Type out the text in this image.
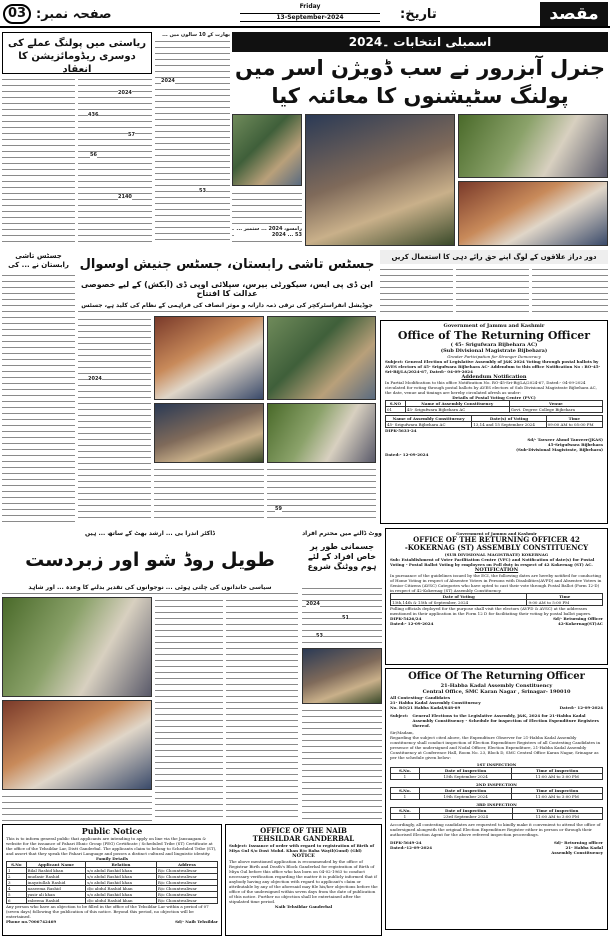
03 صفحہ نمبر:
Friday
13-September-2024	تاریخ:	مقصد
ریاستی میں پولنگ عملے کی
دوسری ریڈومائزیشن کا انعقاد
2024
436
57
56
2140
بھارت کے 10 سالوں میں ...
2024
53
اسمبلی انتخابات ۔2024
جنرل آبزرور نے سب ڈویژن اسر میں پولنگ سٹیشنوں کا معائنہ کیا
رامسو، 2024 ... ستمبر ... 53 ... 2024
جسٹس تاشی رابستان نے ... کی	جسٹس تاشی رابستان، جسٹس جنیش اوسوال
این ڈی پی ایس، سیکورٹی بیرس، سپلائی اوپی ڈی (آبکش) کے لیے خصوصی عدالت کا افتتاح
جوڈیشل انفراسٹرکچر کی ترقی ذمہ دارانہ و موثر انصاف کی فراہمی کے نظام کی کلید ہے، جسٹس
2024
59
دور دراز علاقوں کے لوگ اپنے حق رائے دہی کا استعمال کریں
Government of Jammu and Kashmir
Office of The Returning Officer
( 45- Srigufwara Bijbehara AC)
(Sub Divisional Magistrate Bijbehara)
Greater Participation for Stronger Democracy
Subject: General Election of Legislative Assembly of J&K 2024 Voting through postal ballots by AVES electors of 45- Srigufwara Bijbehara AC- Addendum to this office Notification No : RO-45-Sri-Bij/LA/2024-67, Dated:- 04-09-2024
Addendum Notification
In Partial Modification to this office Notification No. RO-45-Sri-Bij/LA/2024-67, Dated:- 04-09-2024 circulated for voting through postal ballots by AVES electors of Sub Divisional Magistrate Bijbehara AC, the date, venue and timings are hereby circulated afresh as under:
Details of Postal Voting Centre (PVC)
S.NO	Name of Assembly Constituency	Venue
01	45- Srigufwara Bijbehara AC	Govt. Degree College Bijbehara
Name of Assembly Constituency	Date(s) of Voting	Time
45- Srigufwara Bijbehara AC	13,14 and 15 September 2024	09:00 AM to 05:00 PM
DIPK-5633-24
Sd/- Tavseer Ahmd Tanveer(JKAS)
45-Srigufwara Bijbehara
(Sub-Divisional Magistrate, Bijbehara)
Dated:- 12-09-2024
ڈاکٹر اندرا بی ... ارشد بھٹ کے ساتھ ... ہیں
طویل روڈ شو اور زبردست
سیاسی خاندانوں کی چلتی ہوئی ... نوجوانوں کی تقدیر بدلنے کا وعدہ ... اور شاہد
ووٹ ڈالنے میں محترم افراد
جسمانی طور پر خاص افراد کے لئے ہوم ووٹنگ شروع
2024
51
53
Government of Jammu and Kashmir
OFFICE OF THE RETURNING OFFICER 42
-KOKERNAG (ST) ASSEMBLY CONSTITUENCY
(SUB DIVISIONAL MAGISTRATE) KOKERNAG
Sub: Establishment of Voter Facilitation Centre (VFC) and Notification of date(s) for Postal Voting - Postal Ballot Voting by employees on Poll duty in respect of 42 Kokernag (ST) AC.
NOTIFICATION
In pursuance of the guidelines issued by the ECI, the following dates are hereby notified for conducting of Home Voting in respect of Absentee Voters in Persons with Disabilities(AVPD) and Absentee Voters in Senior Citizens (AVSC) Categories who have opted to cast their vote through Postal Ballot (Form 12-D) in respect of 42-Kokernag (ST) Assembly Constituency.
Date of Voting	Time
13th,14th & 15th of September, 2024	9:00 AM to 5:00 PM
Polling officials deployed for the purpose shall visit the electors (AVPD & AVSC) at the addresses mentioned in their application in the Form 12 D for facilitating their voting by postal ballot papers.
DIPK-5426/24
Dated:- 12-09-2024
Sd/- Returning Officer
42-Kokernag(ST)AC
Office Of The Returning Officer
21-Habba Kadal Assembly Constituency
Central Office, SMC Karan Nagar , Srinagar- 190010
All Contesting- Candidates
21- Habba Kadal Assembly Constituency
No. RO/21 Habba Kadal/648-69	Dated:- 12-09-2024
Subject: General Elections to the Legislative Assembly, J&K, 2024 for 21-Habba Kadal Assembly Constituency - Schedule for inspection of Election Expenditure Registers thereof.
Sir/Madam,
Regarding the subject cited above, the Expenditure Observer for 21-Habba Kadal Assembly constituency shall conduct inspection of Election Expenditure Registers of all Contesting Candidates in presence of the undersigned and Nodal Officer, Election Expenditure, 21-Habba Kadal Assembly Constituency at Conference Hall, Room No. 23, Block D, SMC Central Office Karan Nagar, Srinagar as per the schedule given below:
1ST INSPECTION
S.No.	Date of Inspection	Time of Inspection
1	15th September 2024	11:00 AM to 3:00 PM
2ND INSPECTION
S.No.	Date of Inspection	Time of Inspection
1	19th September 2024	11:00 AM to 3:00 PM
3RD INSPECTION
S.No.	Date of Inspection	Time of Inspection
1	23rd September 2024	11:00 AM to 3:00 PM
Accordingly, all contesting candidates are requested to kindly make it convenient to attend the office of undersigned alongwith the original Election Expenditure Register either in person or through their authorised Election Agent for the above referred inspection proceedings.
DIPK-5649-24
Dated:-12-09-2024
Sd/- Returning officer
21- Habba Kadal
Assembly Constituency
Public Notice
This is to inform general public that applicants are intending to apply on line via the Jansuagam & website for the issuance of Pahari Ehnic Group (PEG) Certificate / Scheduled Tribe (ST) Certificate at the office of the Tehsildar Lar, Distt Ganderbal. The applicants claim to belong to Scheduled Tribe (ST), and assert that they speak the Pahari Language and posses a distinct cultural and linguistic identity.
Family Details
S.No	Applicant Name	Relation	Address
1	Bilal Rashid khan	s/o abdul Rashid khan	R/o Chountwaliwar
2	mudasir Rashid	s/o abdul Rashid khan	R/o Chountwaliwar
3	inayatullah Rashid	s/o abdul Rashid khan	R/o Chountwaliwar
4	naseema Rashid	d/o abdul Rashid khan	R/o Chountwaliwar
5	yasir ali khan	s/o abdul Rashid khan	R/o Chountwaliwar
6	rabeena Rashid	d/o abdul Rashid khan	R/o Chountwaliwar
Any person who have an objection to be filled in the office of the Tehsildar Lar within a period of 07 (seven days) following the publication of this notice. Beyond this period, no objection will be entertained.
Phone no.7006742469	Sd/- Naib Tehsildar
OFFICE OF THE NAIB
TEHSILDAR GANDERBAL
Subject: Issuance of order with regard to registration of Birth of Miya Gul S/o Dost Mohd. Khan R/o Baba Wayil(Gund) (Gbl)
NOTICE
The above mentioned application is recommended by the office of Registrar Birth and Death's Block Ganderbal for registration of Birth of Miya Gul before this office who has born on 04-02-1963 to conduct necessary verification regarding the matter it is publicly informed that if anybody having any objection with regard to applicant's claim or attributable by any of the aforesaid may file his/her objections before the office of the undersigned within seven days from the date of publication of this notice. Further no objection shall be entertained after the stipulated time period.
Naib Tehsildar Ganderbal
